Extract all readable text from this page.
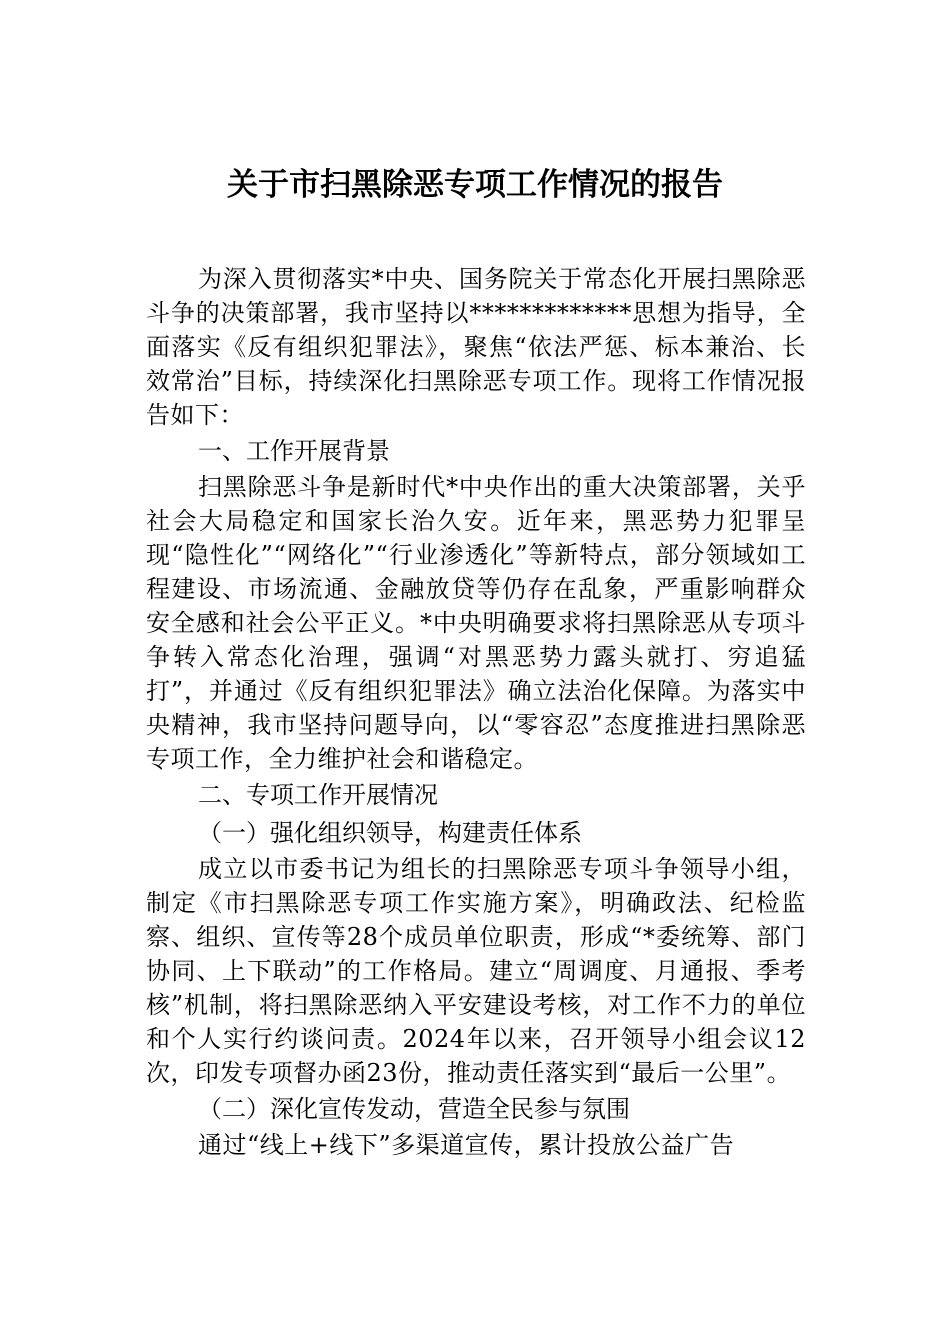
关于市扫黑除恶专项工作情况的报告

为深入贯彻落实*中央、国务院关于常态化开展扫黑除恶斗争的决策部署，我市坚持以*************思想为指导，全面落实《反有组织犯罪法》，聚焦“依法严惩、标本兼治、长效常治”目标，持续深化扫黑除恶专项工作。现将工作情况报告如下：

一、工作开展背景

扫黑除恶斗争是新时代*中央作出的重大决策部署，关乎社会大局稳定和国家长治久安。近年来，黑恶势力犯罪呈现“隐性化”“网络化”“行业渗透化”等新特点，部分领域如工程建设、市场流通、金融放贷等仍存在乱象，严重影响群众安全感和社会公平正义。*中央明确要求将扫黑除恶从专项斗争转入常态化治理，强调“对黑恶势力露头就打、穷追猛打”，并通过《反有组织犯罪法》确立法治化保障。为落实中央精神，我市坚持问题导向，以“零容忍”态度推进扫黑除恶专项工作，全力维护社会和谐稳定。

二、专项工作开展情况

（一）强化组织领导，构建责任体系

成立以市委书记为组长的扫黑除恶专项斗争领导小组，制定《市扫黑除恶专项工作实施方案》，明确政法、纪检监察、组织、宣传等28个成员单位职责，形成“*委统筹、部门协同、上下联动”的工作格局。建立“周调度、月通报、季考核”机制，将扫黑除恶纳入平安建设考核，对工作不力的单位和个人实行约谈问责。2024年以来，召开领导小组会议12次，印发专项督办函23份，推动责任落实到“最后一公里”。

（二）深化宣传发动，营造全民参与氛围

通过“线上+线下”多渠道宣传，累计投放公益广告
